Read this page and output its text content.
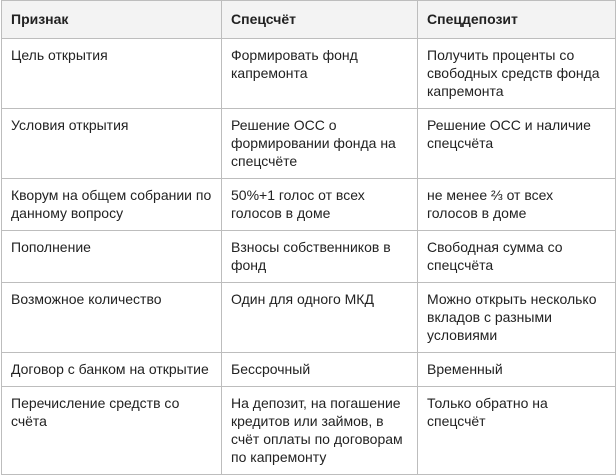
Признак	Спецсчёт	Спецдепозит
Цель открытия	Формировать фонд капремонта	Получить проценты со свободных средств фонда капремонта
Условия открытия	Решение ОСС о формировании фонда на спецсчёте	Решение ОСС и наличие спецсчёта
Кворум на общем собрании по данному вопросу	50%+1 голос от всех голосов в доме	не менее ⅔ от всех голосов в доме
Пополнение	Взносы собственников в фонд	Свободная сумма со спецсчёта
Возможное количество	Один для одного МКД	Можно открыть несколько вкладов с разными условиями
Договор с банком на открытие	Бессрочный	Временный
Перечисление средств со счёта	На депозит, на погашение кредитов или займов, в счёт оплаты по договорам по капремонту	Только обратно на спецсчёт
